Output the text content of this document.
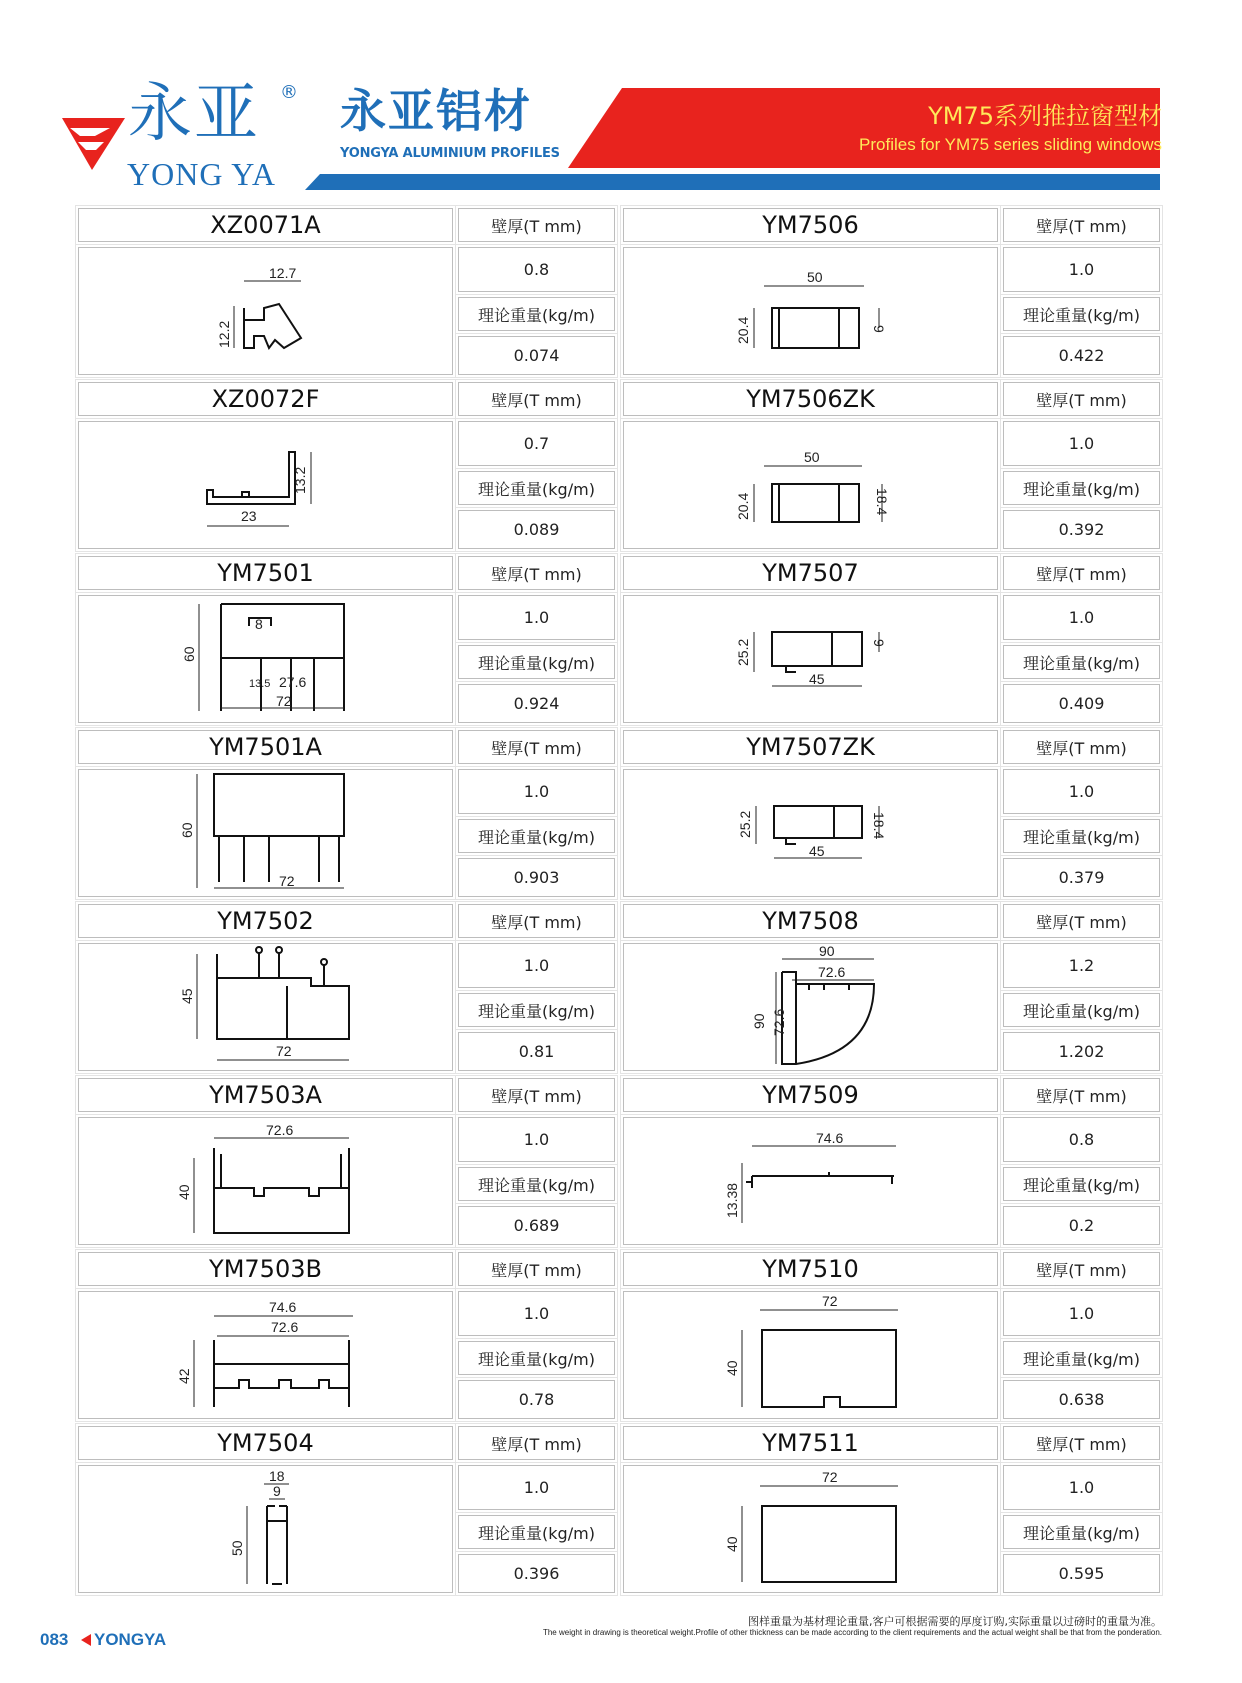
永亚 ®
YONG YA
永亚铝材
YONGYA ALUMINIUM PROFILES
YM75系列推拉窗型材
Profiles for YM75 series sliding windows
XZ0071A	壁厚(T mm)
12.7
12.2
0.8
理论重量(kg/m)
0.074
XZ0072F	壁厚(T mm)
23
13.2
0.7
理论重量(kg/m)
0.089
YM7501	壁厚(T mm)
60
8
13.5 27.6
72
1.0
理论重量(kg/m)
0.924
YM7501A	壁厚(T mm)
60
72
1.0
理论重量(kg/m)
0.903
YM7502	壁厚(T mm)
45
72
1.0
理论重量(kg/m)
0.81
YM7503A	壁厚(T mm)
72.6
40
1.0
理论重量(kg/m)
0.689
YM7503B	壁厚(T mm)
74.6
72.6
42
1.0
理论重量(kg/m)
0.78
YM7504	壁厚(T mm)
18
9
50
1.0
理论重量(kg/m)
0.396
YM7506	壁厚(T mm)
50
20.4	9
1.0
理论重量(kg/m)
0.422
YM7506ZK	壁厚(T mm)
50
20.4	18.4
1.0
理论重量(kg/m)
0.392
YM7507	壁厚(T mm)
25.2	9
45
1.0
理论重量(kg/m)
0.409
YM7507ZK	壁厚(T mm)
25.2	18.4
45
1.0
理论重量(kg/m)
0.379
YM7508	壁厚(T mm)
90
72.6
90 72.6
1.2
理论重量(kg/m)
1.202
YM7509	壁厚(T mm)
74.6
13.38
0.8
理论重量(kg/m)
0.2
YM7510	壁厚(T mm)
72
40
1.0
理论重量(kg/m)
0.638
YM7511	壁厚(T mm)
72
40
1.0
理论重量(kg/m)
0.595
083 YONGYA
图样重量为基材理论重量,客户可根据需要的厚度订购,实际重量以过磅时的重量为准。
The weight in drawing is theoretical weight.Profile of other thickness can be made according to the client requirements and the actual weight shall be that from the ponderation.
